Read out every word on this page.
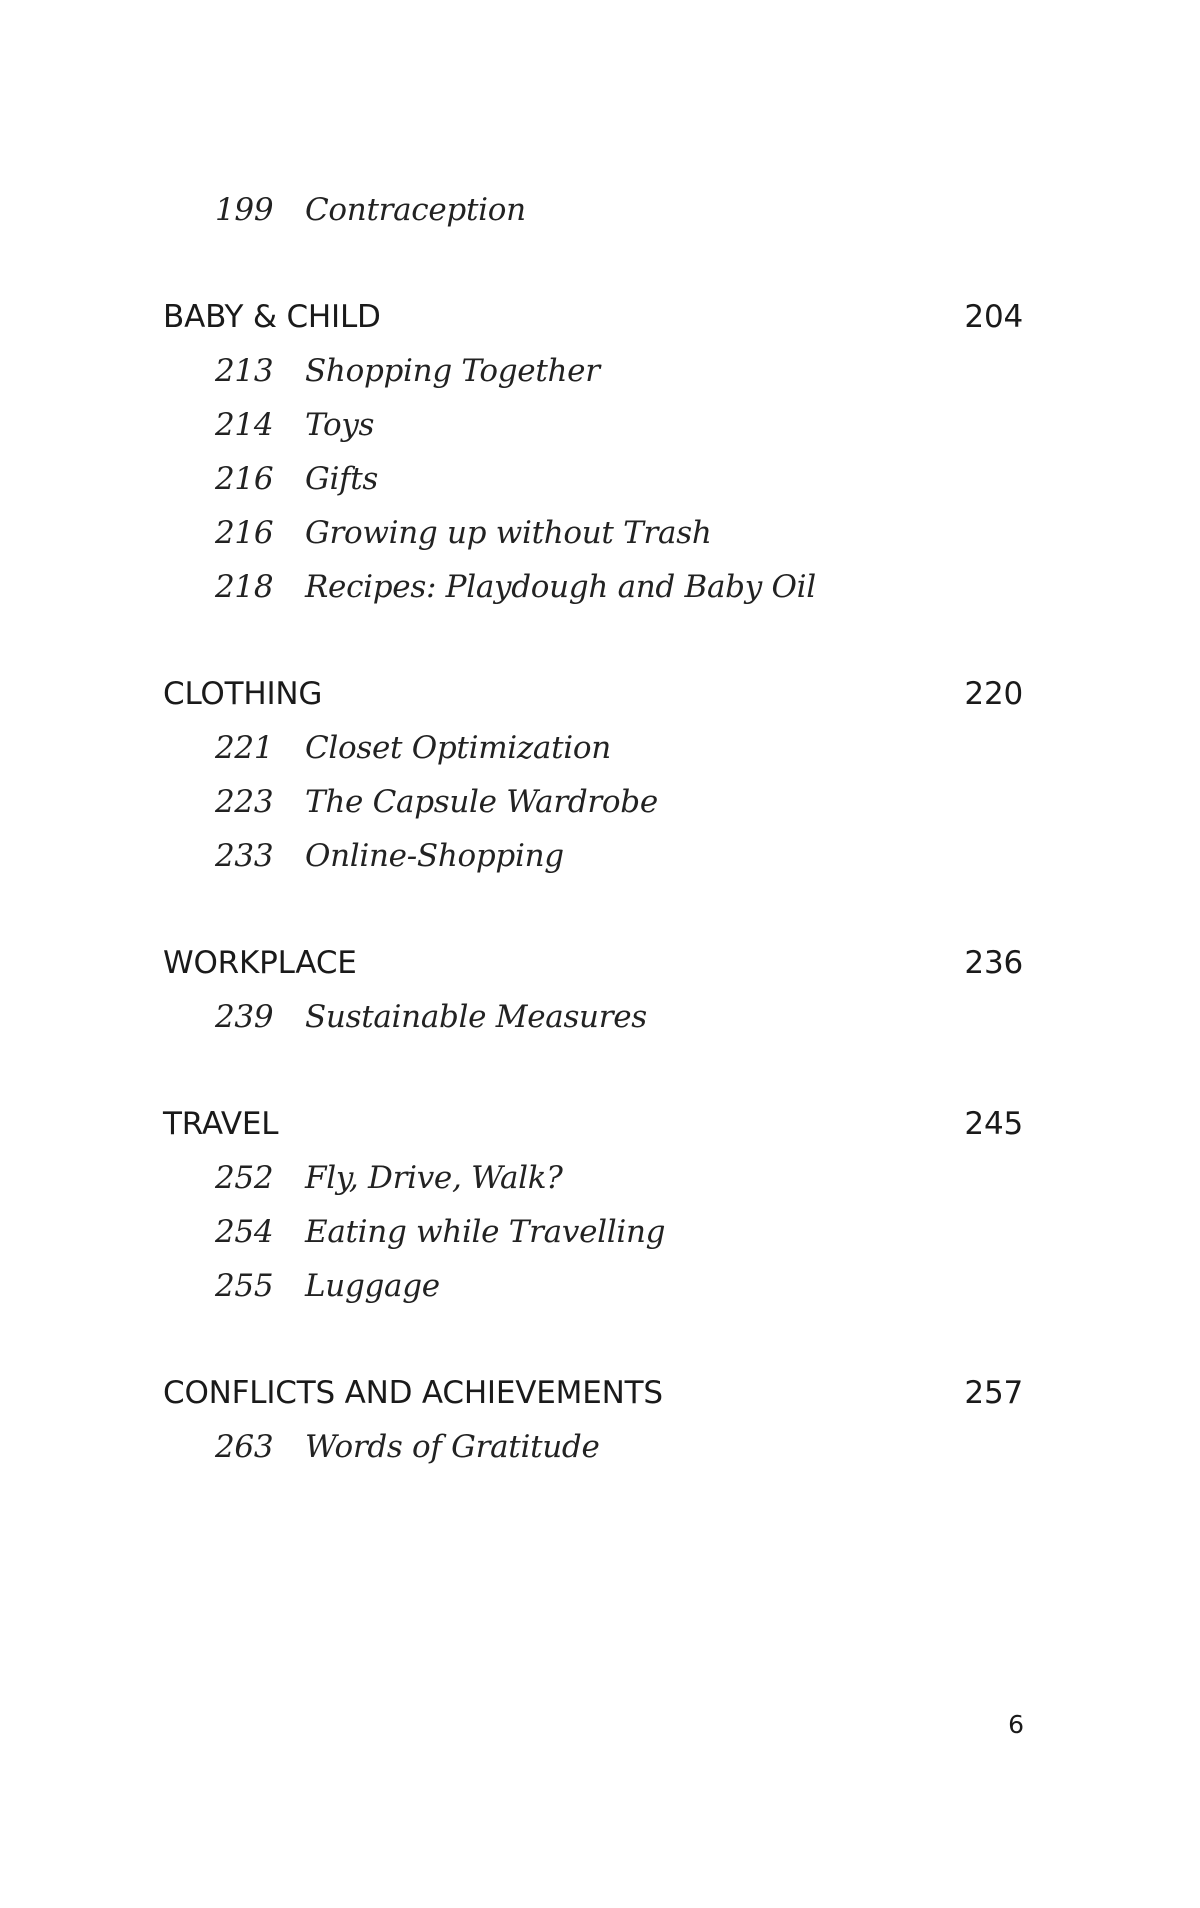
199 Contraception
BABY & CHILD	204
213 Shopping Together
214 Toys
216 Gifts
216 Growing up without Trash
218 Recipes: Playdough and Baby Oil
CLOTHING	220
221 Closet Optimization
223 The Capsule Wardrobe
233 Online-Shopping
WORKPLACE	236
239 Sustainable Measures
TRAVEL	245
252 Fly, Drive, Walk?
254 Eating while Travelling
255 Luggage
CONFLICTS AND ACHIEVEMENTS	257
263 Words of Gratitude
6
